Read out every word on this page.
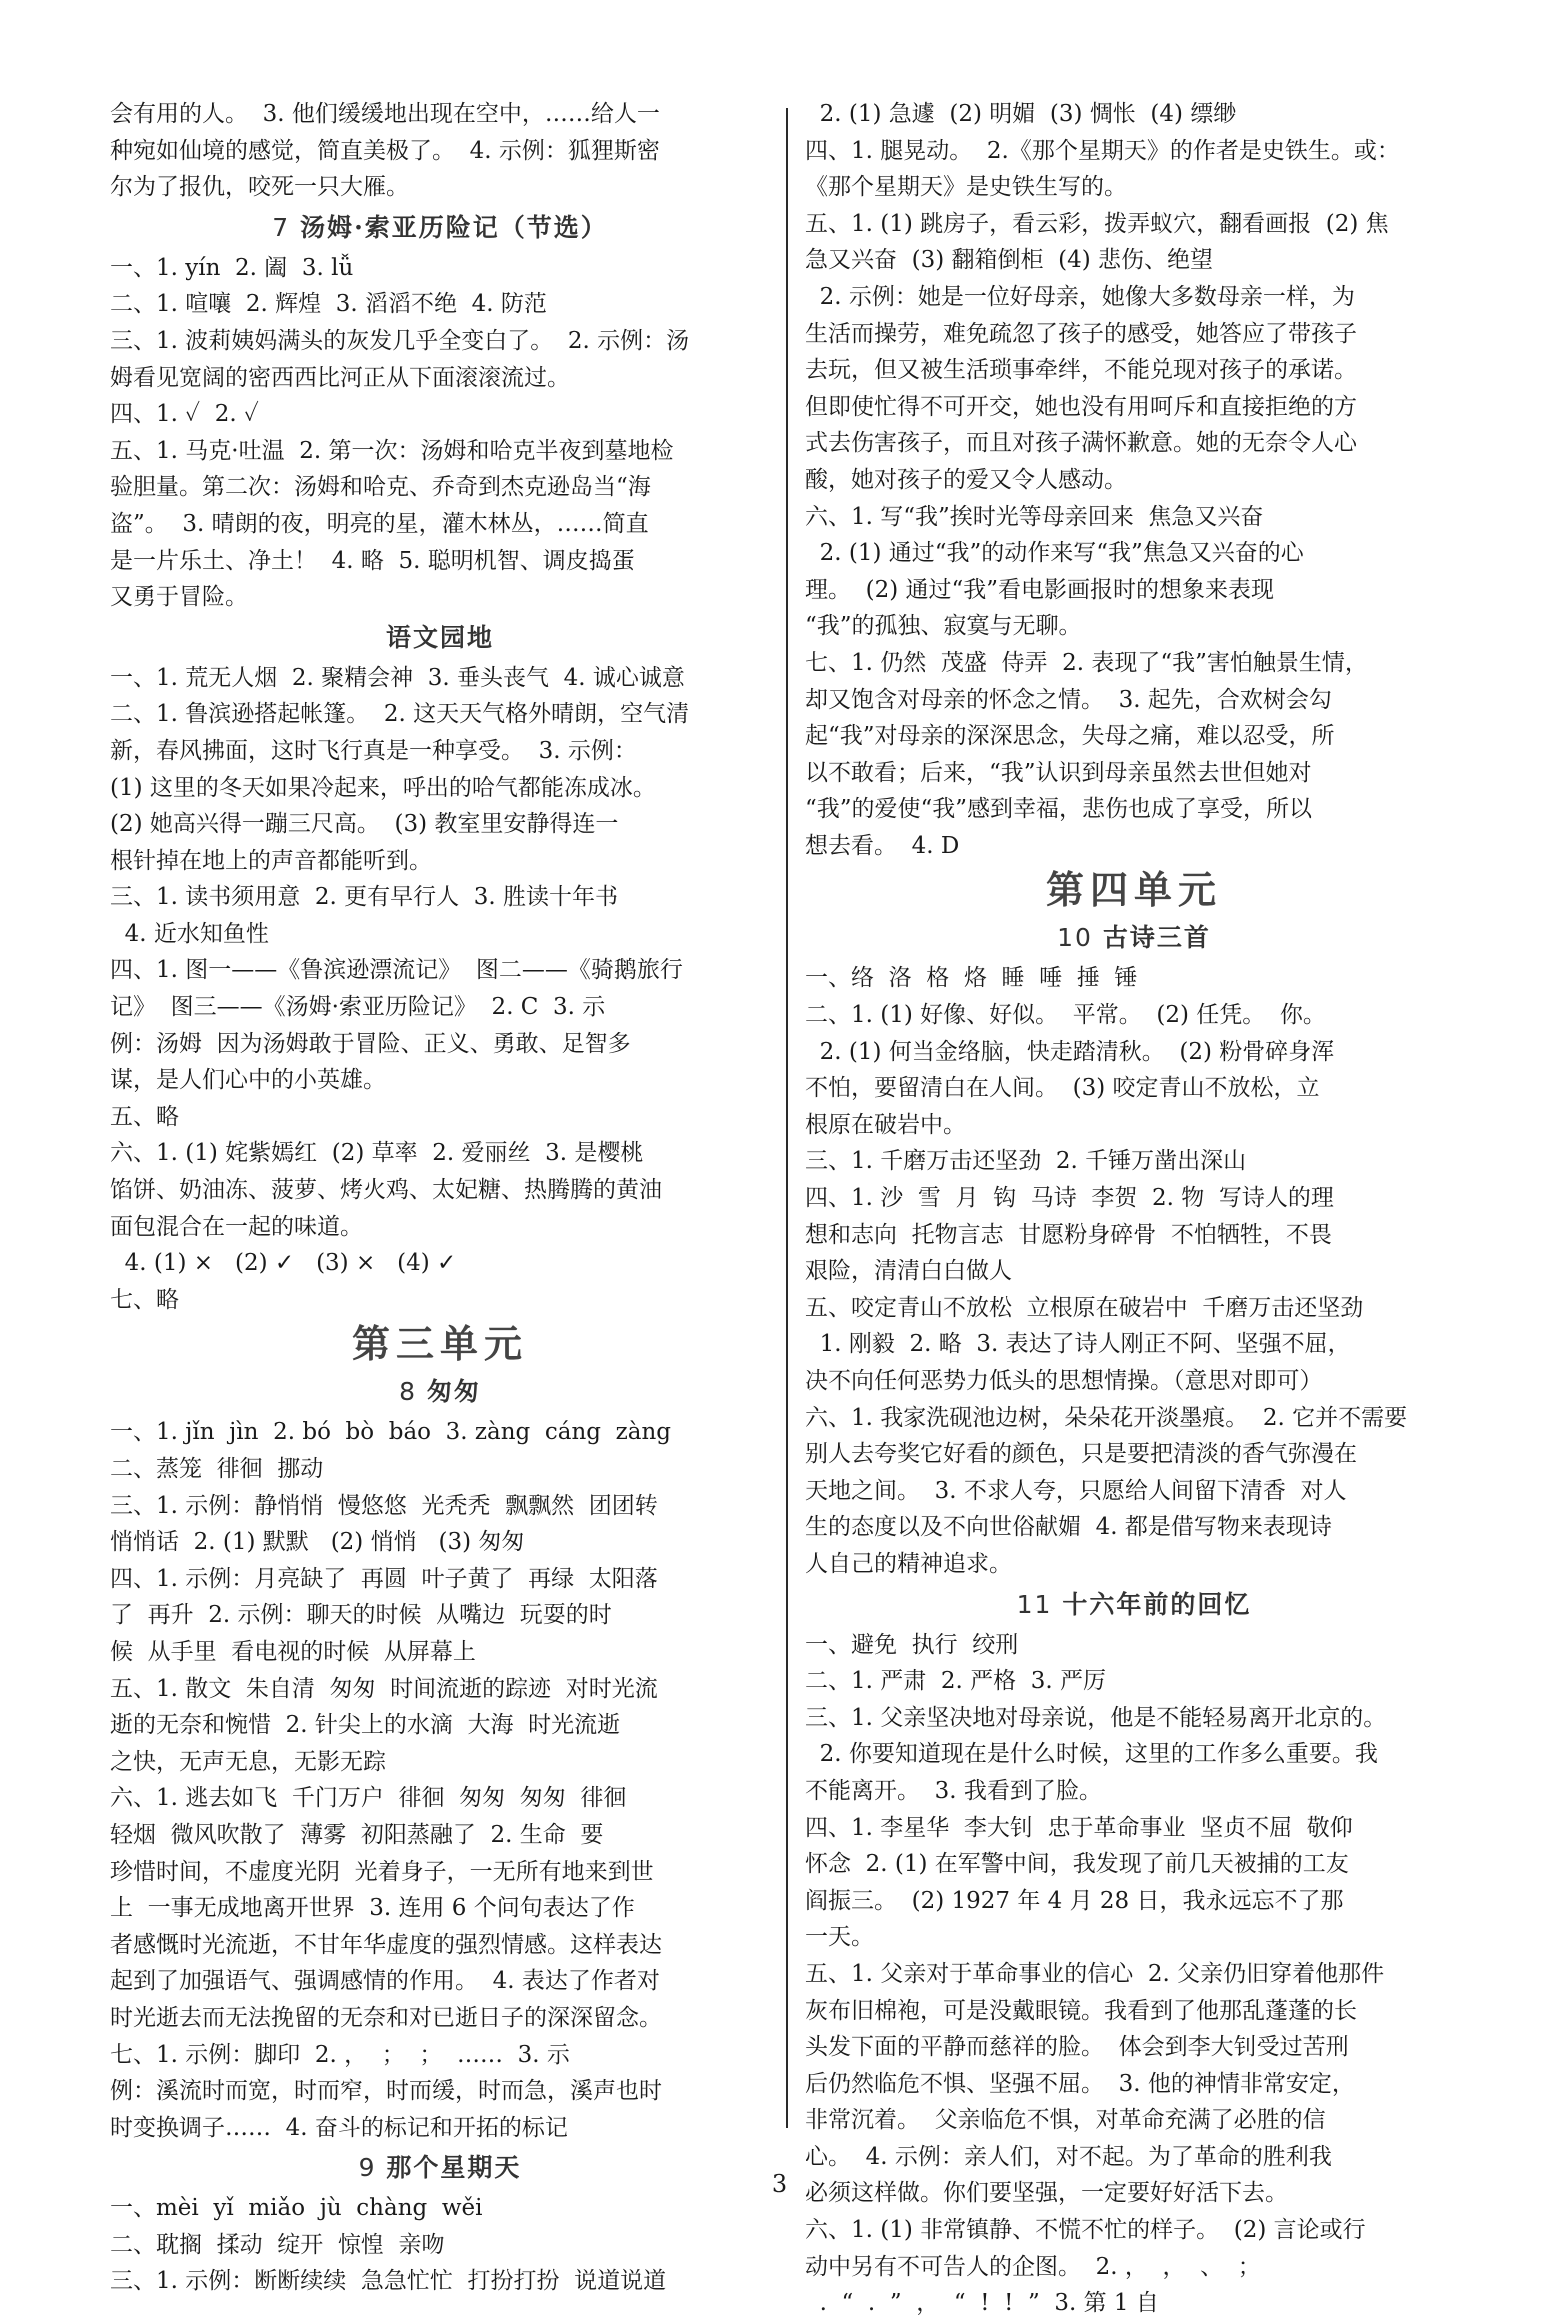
会有用的人。  3. 他们缓缓地出现在空中，……给人一
种宛如仙境的感觉，简直美极了。  4. 示例：狐狸斯密
尔为了报仇，咬死一只大雁。
7 汤姆·索亚历险记（节选）
一、1. yín  2. 阖  3. lǚ
二、1. 喧嚷  2. 辉煌  3. 滔滔不绝  4. 防范
三、1. 波莉姨妈满头的灰发几乎全变白了。  2. 示例：汤
姆看见宽阔的密西西比河正从下面滚滚流过。
四、1. ✓  2. ✓
五、1. 马克·吐温  2. 第一次：汤姆和哈克半夜到墓地检
验胆量。第二次：汤姆和哈克、乔奇到杰克逊岛当“海
盗”。  3. 晴朗的夜，明亮的星，灌木林丛，……简直
是一片乐土、净土！  4. 略  5. 聪明机智、调皮捣蛋
又勇于冒险。
语文园地
一、1. 荒无人烟  2. 聚精会神  3. 垂头丧气  4. 诚心诚意
二、1. 鲁滨逊搭起帐篷。  2. 这天天气格外晴朗，空气清
新，春风拂面，这时飞行真是一种享受。  3. 示例：
(1) 这里的冬天如果冷起来，呼出的哈气都能冻成冰。
(2) 她高兴得一蹦三尺高。  (3) 教室里安静得连一
根针掉在地上的声音都能听到。
三、1. 读书须用意  2. 更有早行人  3. 胜读十年书
4. 近水知鱼性
四、1. 图一——《鲁滨逊漂流记》  图二——《骑鹅旅行
记》  图三——《汤姆·索亚历险记》  2. C  3. 示
例：汤姆  因为汤姆敢于冒险、正义、勇敢、足智多
谋，是人们心中的小英雄。
五、略
六、1. (1) 姹紫嫣红  (2) 草率  2. 爱丽丝  3. 是樱桃
馅饼、奶油冻、菠萝、烤火鸡、太妃糖、热腾腾的黄油
面包混合在一起的味道。
4. (1) ×   (2) ✓   (3) ×   (4) ✓
七、略
第三单元
8 匆匆
一、1. jǐn  jìn  2. bó  bò  báo  3. zàng  cáng  zàng
二、蒸笼  徘徊  挪动
三、1. 示例：静悄悄  慢悠悠  光秃秃  飘飘然  团团转
悄悄话  2. (1) 默默   (2) 悄悄   (3) 匆匆
四、1. 示例：月亮缺了  再圆  叶子黄了  再绿  太阳落
了  再升  2. 示例：聊天的时候  从嘴边  玩耍的时
候  从手里  看电视的时候  从屏幕上
五、1. 散文  朱自清  匆匆  时间流逝的踪迹  对时光流
逝的无奈和惋惜  2. 针尖上的水滴  大海  时光流逝
之快，无声无息，无影无踪
六、1. 逃去如飞  千门万户  徘徊  匆匆  匆匆  徘徊
轻烟  微风吹散了  薄雾  初阳蒸融了  2. 生命  要
珍惜时间，不虚度光阴  光着身子，一无所有地来到世
上  一事无成地离开世界  3. 连用 6 个问句表达了作
者感慨时光流逝，不甘年华虚度的强烈情感。这样表达
起到了加强语气、强调感情的作用。  4. 表达了作者对
时光逝去而无法挽留的无奈和对已逝日子的深深留念。
七、1. 示例：脚印  2. ，  ；  ；  ……  3. 示
例：溪流时而宽，时而窄，时而缓，时而急，溪声也时
时变换调子……  4. 奋斗的标记和开拓的标记
9 那个星期天
一、mèi  yǐ  miǎo  jù  chàng  wěi
二、耽搁  揉动  绽开  惊惶  亲吻
三、1. 示例：断断续续  急急忙忙  打扮打扮  说道说道
2. (1) 急遽  (2) 明媚  (3) 惆怅  (4) 缥缈
四、1. 腿晃动。  2.《那个星期天》的作者是史铁生。或：
《那个星期天》是史铁生写的。
五、1. (1) 跳房子，看云彩，拨弄蚁穴，翻看画报  (2) 焦
急又兴奋  (3) 翻箱倒柜  (4) 悲伤、绝望
2. 示例：她是一位好母亲，她像大多数母亲一样，为
生活而操劳，难免疏忽了孩子的感受，她答应了带孩子
去玩，但又被生活琐事牵绊，不能兑现对孩子的承诺。
但即使忙得不可开交，她也没有用呵斥和直接拒绝的方
式去伤害孩子，而且对孩子满怀歉意。她的无奈令人心
酸，她对孩子的爱又令人感动。
六、1. 写“我”挨时光等母亲回来  焦急又兴奋
2. (1) 通过“我”的动作来写“我”焦急又兴奋的心
理。  (2) 通过“我”看电影画报时的想象来表现
“我”的孤独、寂寞与无聊。
七、1. 仍然  茂盛  侍弄  2. 表现了“我”害怕触景生情，
却又饱含对母亲的怀念之情。  3. 起先，合欢树会勾
起“我”对母亲的深深思念，失母之痛，难以忍受，所
以不敢看；后来，“我”认识到母亲虽然去世但她对
“我”的爱使“我”感到幸福，悲伤也成了享受，所以
想去看。  4. D
第四单元
10 古诗三首
一、络  洛  格  烙  睡  唾  捶  锤
二、1. (1) 好像、好似。  平常。  (2) 任凭。  你。
2. (1) 何当金络脑，快走踏清秋。  (2) 粉骨碎身浑
不怕，要留清白在人间。  (3) 咬定青山不放松，立
根原在破岩中。
三、1. 千磨万击还坚劲  2. 千锤万凿出深山
四、1. 沙  雪  月  钩  马诗  李贺  2. 物  写诗人的理
想和志向  托物言志  甘愿粉身碎骨  不怕牺牲，不畏
艰险，清清白白做人
五、咬定青山不放松  立根原在破岩中  千磨万击还坚劲
1. 刚毅  2. 略  3. 表达了诗人刚正不阿、坚强不屈，
决不向任何恶势力低头的思想情操。（意思对即可）
六、1. 我家洗砚池边树，朵朵花开淡墨痕。  2. 它并不需要
别人去夸奖它好看的颜色，只是要把清淡的香气弥漫在
天地之间。  3. 不求人夸，只愿给人间留下清香  对人
生的态度以及不向世俗献媚  4. 都是借写物来表现诗
人自己的精神追求。
11 十六年前的回忆
一、避免  执行  绞刑
二、1. 严肃  2. 严格  3. 严厉
三、1. 父亲坚决地对母亲说，他是不能轻易离开北京的。
2. 你要知道现在是什么时候，这里的工作多么重要。我
不能离开。  3. 我看到了脸。
四、1. 李星华  李大钊  忠于革命事业  坚贞不屈  敬仰
怀念  2. (1) 在军警中间，我发现了前几天被捕的工友
阎振三。  (2) 1927 年 4 月 28 日，我永远忘不了那
一天。
五、1. 父亲对于革命事业的信心  2. 父亲仍旧穿着他那件
灰布旧棉袍，可是没戴眼镜。我看到了他那乱蓬蓬的长
头发下面的平静而慈祥的脸。  体会到李大钊受过苦刑
后仍然临危不惧、坚强不屈。  3. 他的神情非常安定，
非常沉着。  父亲临危不惧，对革命充满了必胜的信
心。  4. 示例：亲人们，对不起。为了革命的胜利我
必须这样做。你们要坚强，一定要好好活下去。
六、1. (1) 非常镇静、不慌不忙的样子。  (2) 言论或行
动中另有不可告人的企图。  2. ，  ，  、  ；
.  “  .  ”  ，  “  !  !  ”  3. 第 1 自
3
